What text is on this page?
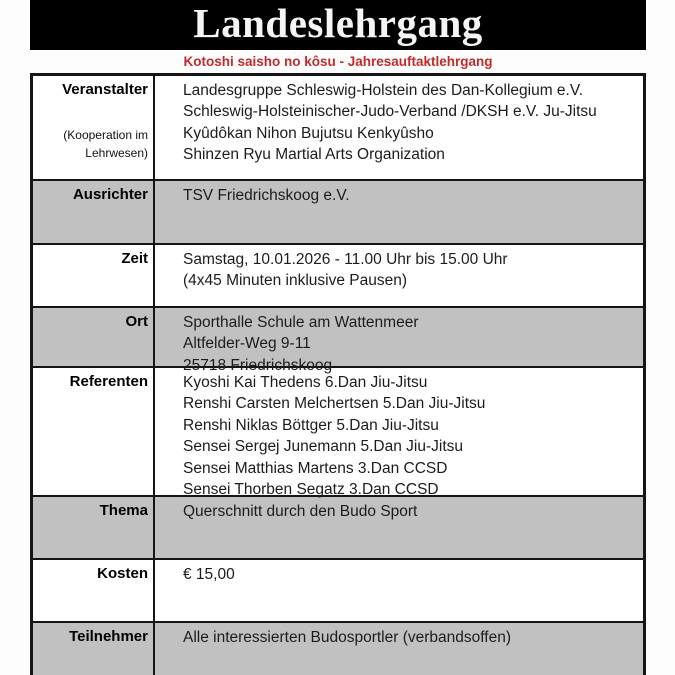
Landeslehrgang
Kotoshi saisho no kôsu - Jahresauftaktlehrgang
Veranstalter
(Kooperation im
Lehrwesen)
Landesgruppe Schleswig-Holstein des Dan-Kollegium e.V.
Schleswig-Holsteinischer-Judo-Verband /DKSH e.V. Ju-Jitsu
Kyûdôkan Nihon Bujutsu Kenkyûsho
Shinzen Ryu Martial Arts Organization
Ausrichter TSV Friedrichskoog e.V.
Zeit Samstag, 10.01.2026 - 11.00 Uhr bis 15.00 Uhr
(4x45 Minuten inklusive Pausen)
Ort Sporthalle Schule am Wattenmeer
Altfelder-Weg 9-11
25718 Friedrichskoog
Referenten Kyoshi Kai Thedens 6.Dan Jiu-Jitsu
Renshi Carsten Melchertsen 5.Dan Jiu-Jitsu
Renshi Niklas Böttger 5.Dan Jiu-Jitsu
Sensei Sergej Junemann 5.Dan Jiu-Jitsu
Sensei Matthias Martens 3.Dan CCSD
Sensei Thorben Segatz 3.Dan CCSD
Thema Querschnitt durch den Budo Sport
Kosten € 15,00
Teilnehmer Alle interessierten Budosportler (verbandsoffen)
